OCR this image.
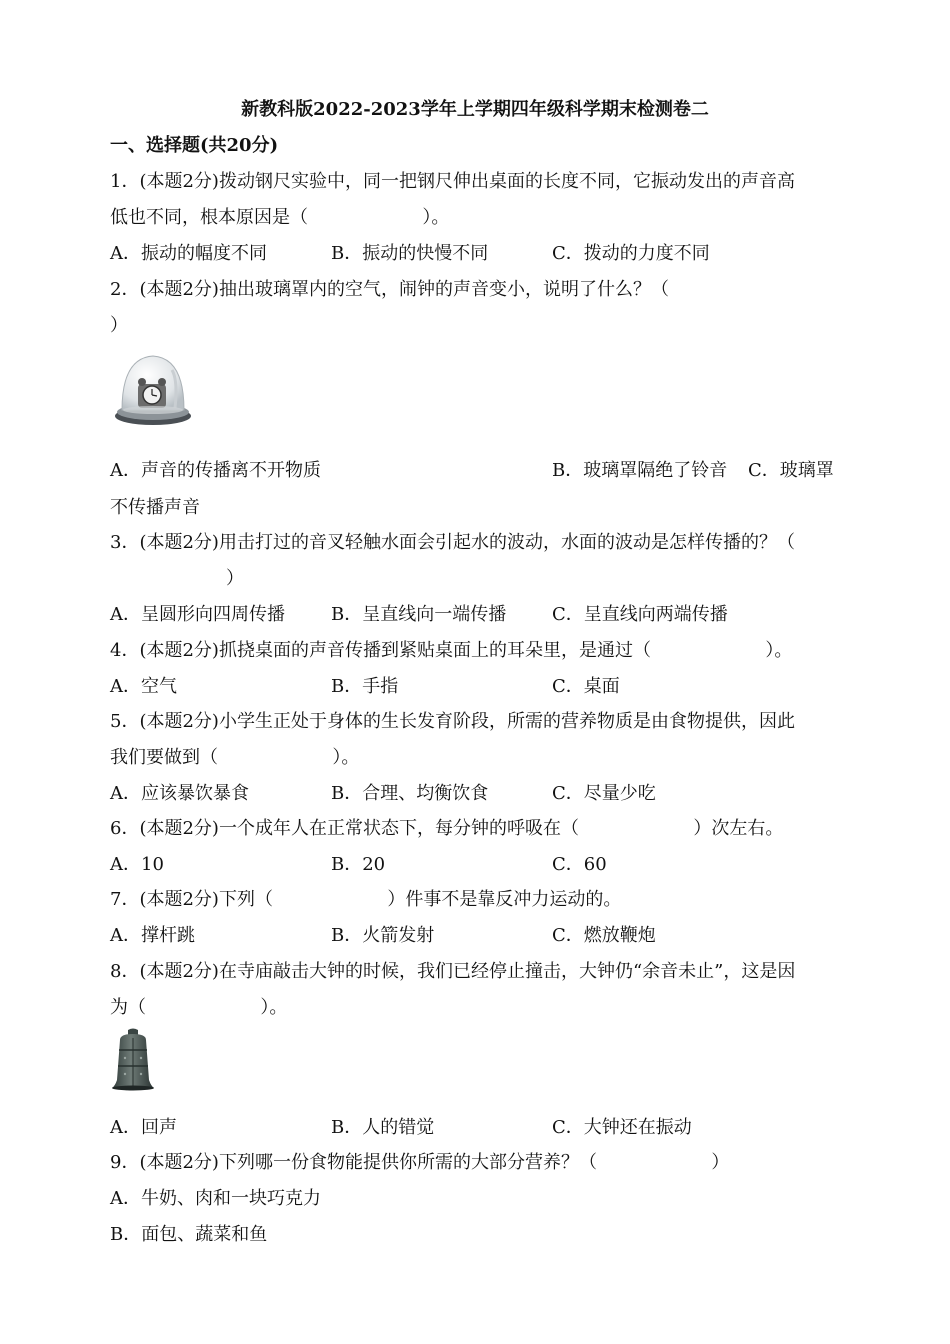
新教科版2022-2023学年上学期四年级科学期末检测卷二
一、选择题(共20分)
1．(本题2分)拨动钢尺实验中，同一把钢尺伸出桌面的长度不同，它振动发出的声音高
低也不同，根本原因是（                    ）。
A．振动的幅度不同	B．振动的快慢不同	C．拨动的力度不同
2．(本题2分)抽出玻璃罩内的空气，闹钟的声音变小，说明了什么？（
）
A．声音的传播离不开物质	B．玻璃罩隔绝了铃音 C．玻璃罩
不传播声音
3．(本题2分)用击打过的音叉轻触水面会引起水的波动，水面的波动是怎样传播的？（
）
A．呈圆形向四周传播	B．呈直线向一端传播	C．呈直线向两端传播
4．(本题2分)抓挠桌面的声音传播到紧贴桌面上的耳朵里，是通过（                    ）。
A．空气	B．手指	C．桌面
5．(本题2分)小学生正处于身体的生长发育阶段，所需的营养物质是由食物提供，因此
我们要做到（                    ）。
A．应该暴饮暴食	B．合理、均衡饮食	C．尽量少吃
6．(本题2分)一个成年人在正常状态下，每分钟的呼吸在（                    ）次左右。
A．10	B．20	C．60
7．(本题2分)下列（                    ）件事不是靠反冲力运动的。
A．撑杆跳	B．火箭发射	C．燃放鞭炮
8．(本题2分)在寺庙敲击大钟的时候，我们已经停止撞击，大钟仍“余音未止”，这是因
为（                    ）。
A．回声	B．人的错觉	C．大钟还在振动
9．(本题2分)下列哪一份食物能提供你所需的大部分营养？（                    ）
A．牛奶、肉和一块巧克力
B．面包、蔬菜和鱼
